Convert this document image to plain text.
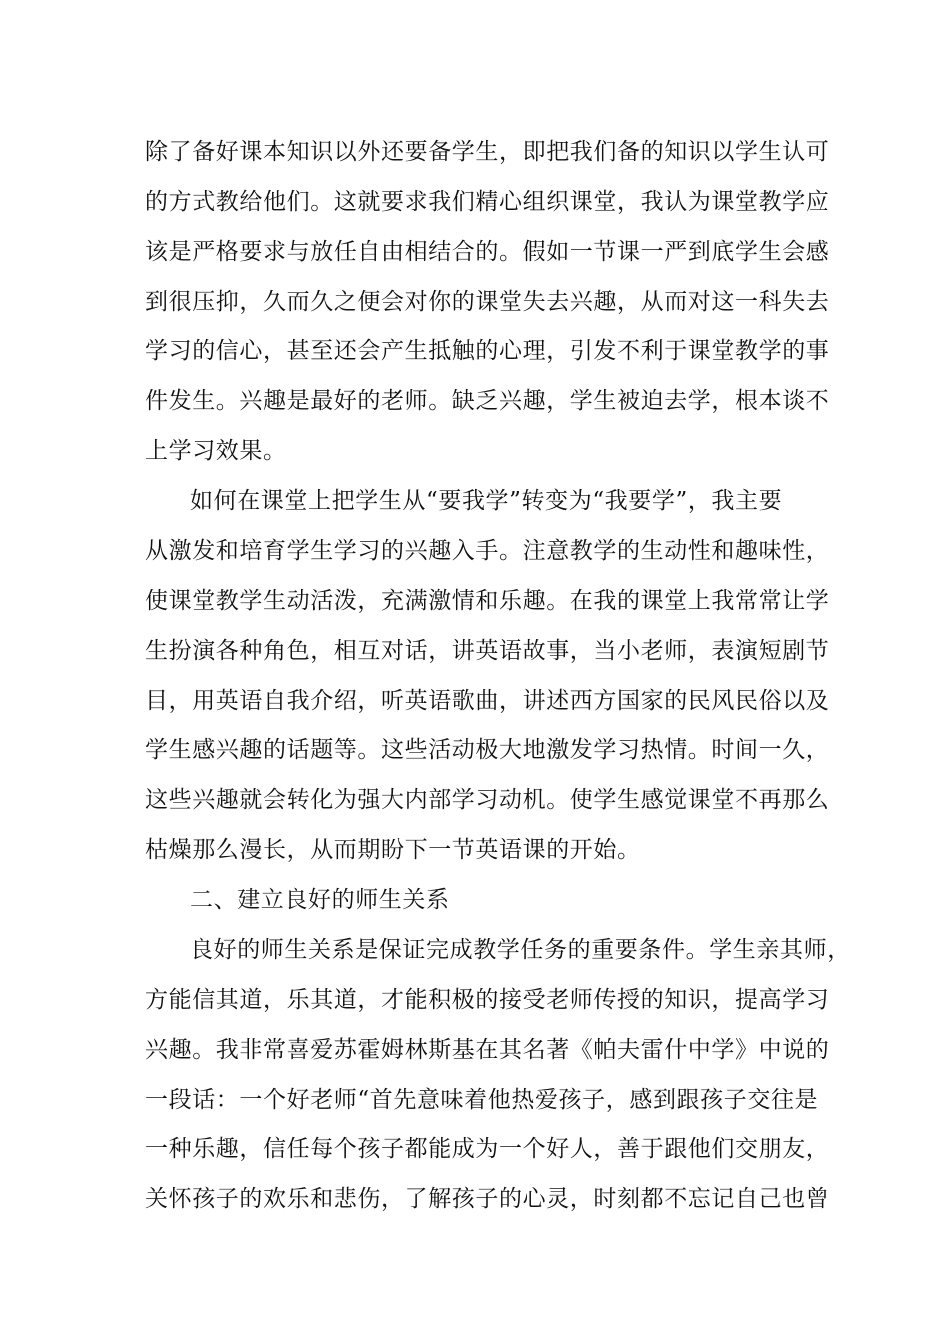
除了备好课本知识以外还要备学生，即把我们备的知识以学生认可

的方式教给他们。这就要求我们精心组织课堂，我认为课堂教学应

该是严格要求与放任自由相结合的。假如一节课一严到底学生会感

到很压抑，久而久之便会对你的课堂失去兴趣，从而对这一科失去

学习的信心，甚至还会产生抵触的心理，引发不利于课堂教学的事

件发生。兴趣是最好的老师。缺乏兴趣，学生被迫去学，根本谈不

上学习效果。

如何在课堂上把学生从“要我学”转变为“我要学”，我主要

从激发和培育学生学习的兴趣入手。注意教学的生动性和趣味性，

使课堂教学生动活泼，充满激情和乐趣。在我的课堂上我常常让学

生扮演各种角色，相互对话，讲英语故事，当小老师，表演短剧节

目，用英语自我介绍，听英语歌曲，讲述西方国家的民风民俗以及

学生感兴趣的话题等。这些活动极大地激发学习热情。时间一久，

这些兴趣就会转化为强大内部学习动机。使学生感觉课堂不再那么

枯燥那么漫长，从而期盼下一节英语课的开始。

二、建立良好的师生关系

良好的师生关系是保证完成教学任务的重要条件。学生亲其师，

方能信其道，乐其道，才能积极的接受老师传授的知识，提高学习

兴趣。我非常喜爱苏霍姆林斯基在其名著《帕夫雷什中学》中说的

一段话：一个好老师“首先意味着他热爱孩子，感到跟孩子交往是

一种乐趣，信任每个孩子都能成为一个好人，善于跟他们交朋友，

关怀孩子的欢乐和悲伤，了解孩子的心灵，时刻都不忘记自己也曾
